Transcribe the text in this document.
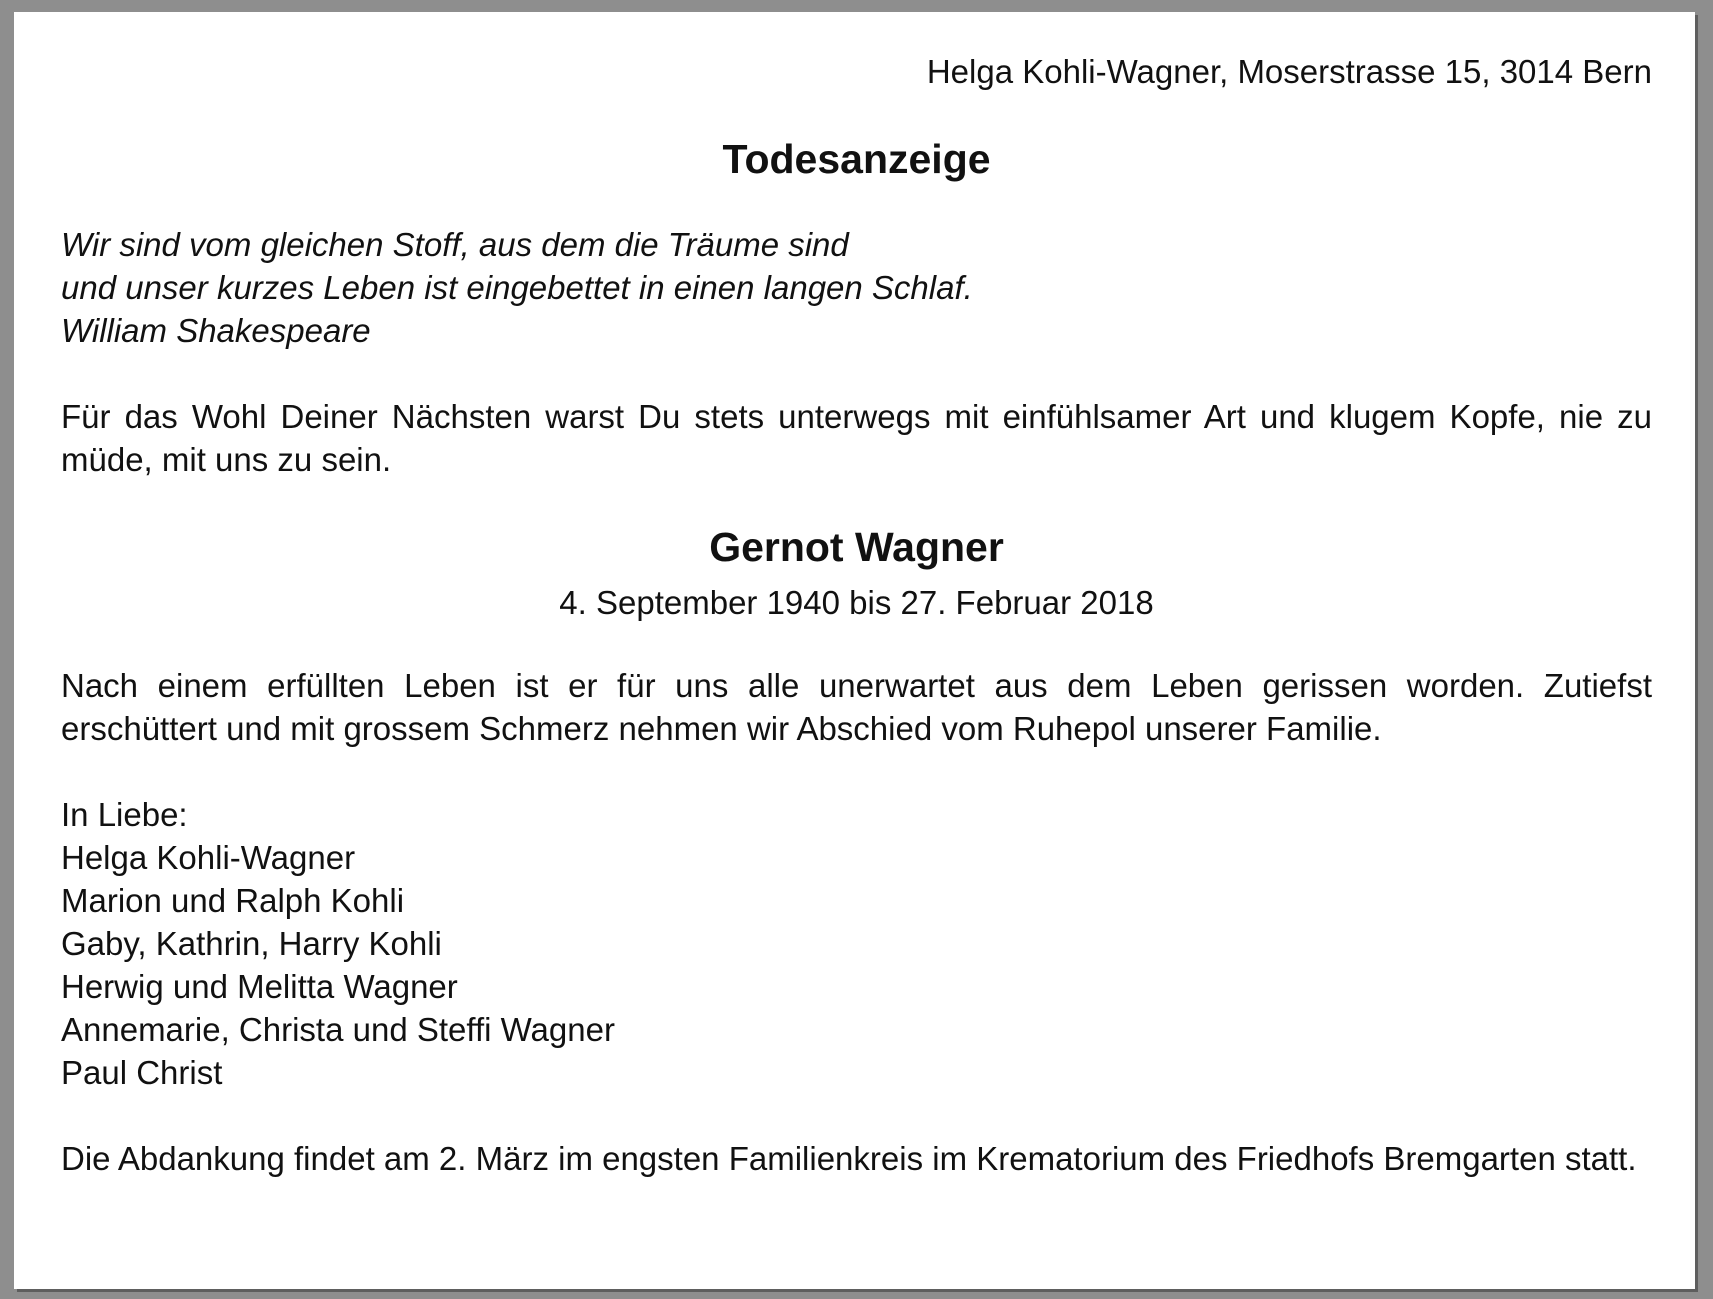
Helga Kohli-Wagner, Moserstrasse 15, 3014 Bern

Todesanzeige
Wir sind vom gleichen Stoff, aus dem die Träume sind
und unser kurzes Leben ist eingebettet in einen langen Schlaf.
William Shakespeare

Für das Wohl Deiner Nächsten warst Du stets unterwegs mit einfühlsamer Art und klugem Kopfe, nie zu müde, mit uns zu sein.

Gernot Wagner

4. September 1940 bis 27. Februar 2018

Nach einem erfüllten Leben ist er für uns alle unerwartet aus dem Leben gerissen worden. Zutiefst erschüttert und mit grossem Schmerz nehmen wir Abschied vom Ruhepol unserer Familie.

In Liebe:
Helga Kohli-Wagner
Marion und Ralph Kohli
Gaby, Kathrin, Harry Kohli
Herwig und Melitta Wagner
Annemarie, Christa und Steffi Wagner
Paul Christ

Die Abdankung findet am 2. März im engsten Familienkreis im Krematorium des Friedhofs Bremgarten statt.
